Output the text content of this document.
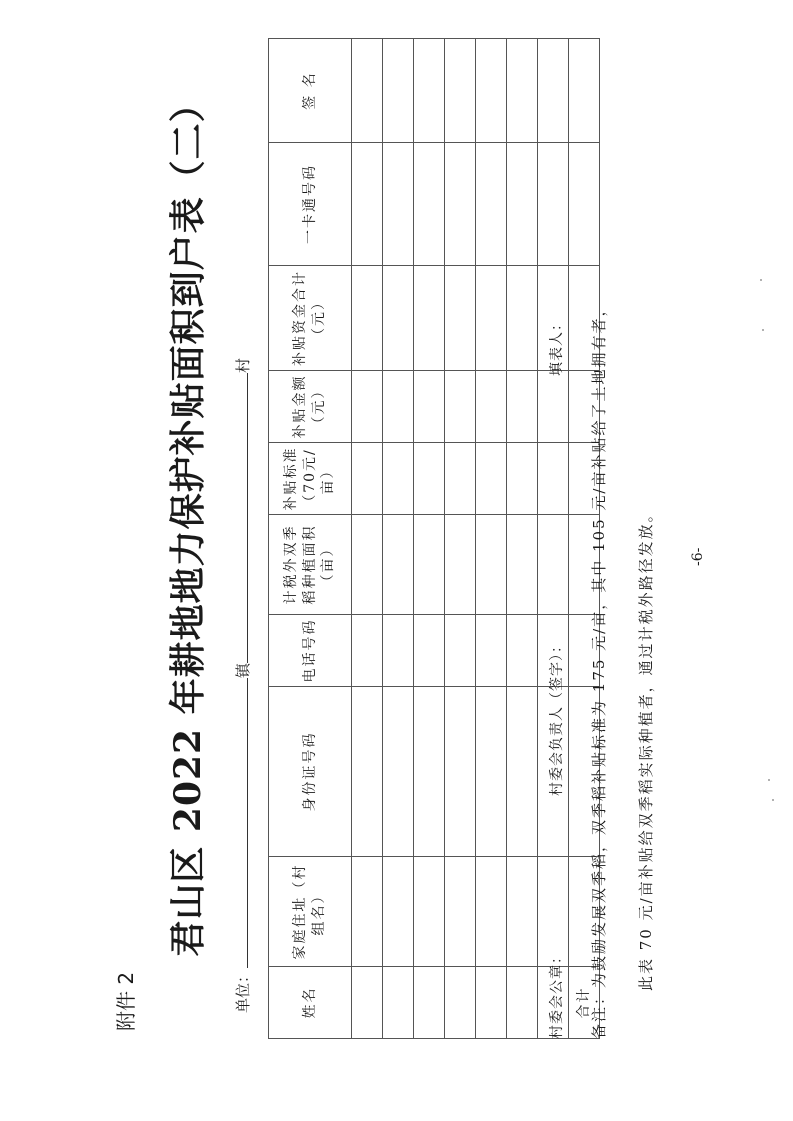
附件 2
君山区 2022 年耕地地力保护补贴面积到户表（二）
单位：镇村
姓名	家庭住址（村组名）	身份证号码	电话号码	计税外双季稻种植面积（亩）	补贴标准（70元/亩）	补贴金额（元）	补贴资金合计（元）	一卡通号码	签 名

合计									
村委会公章：
村委会负责人（签字）：
填表人： 备注：为鼓励发展双季稻，双季稻补贴标准为 175 元/亩，其中 105 元/亩补贴给了土地拥有者， 此表 70 元/亩补贴给双季稻实际种植者，通过计税外路径发放。	-6-
